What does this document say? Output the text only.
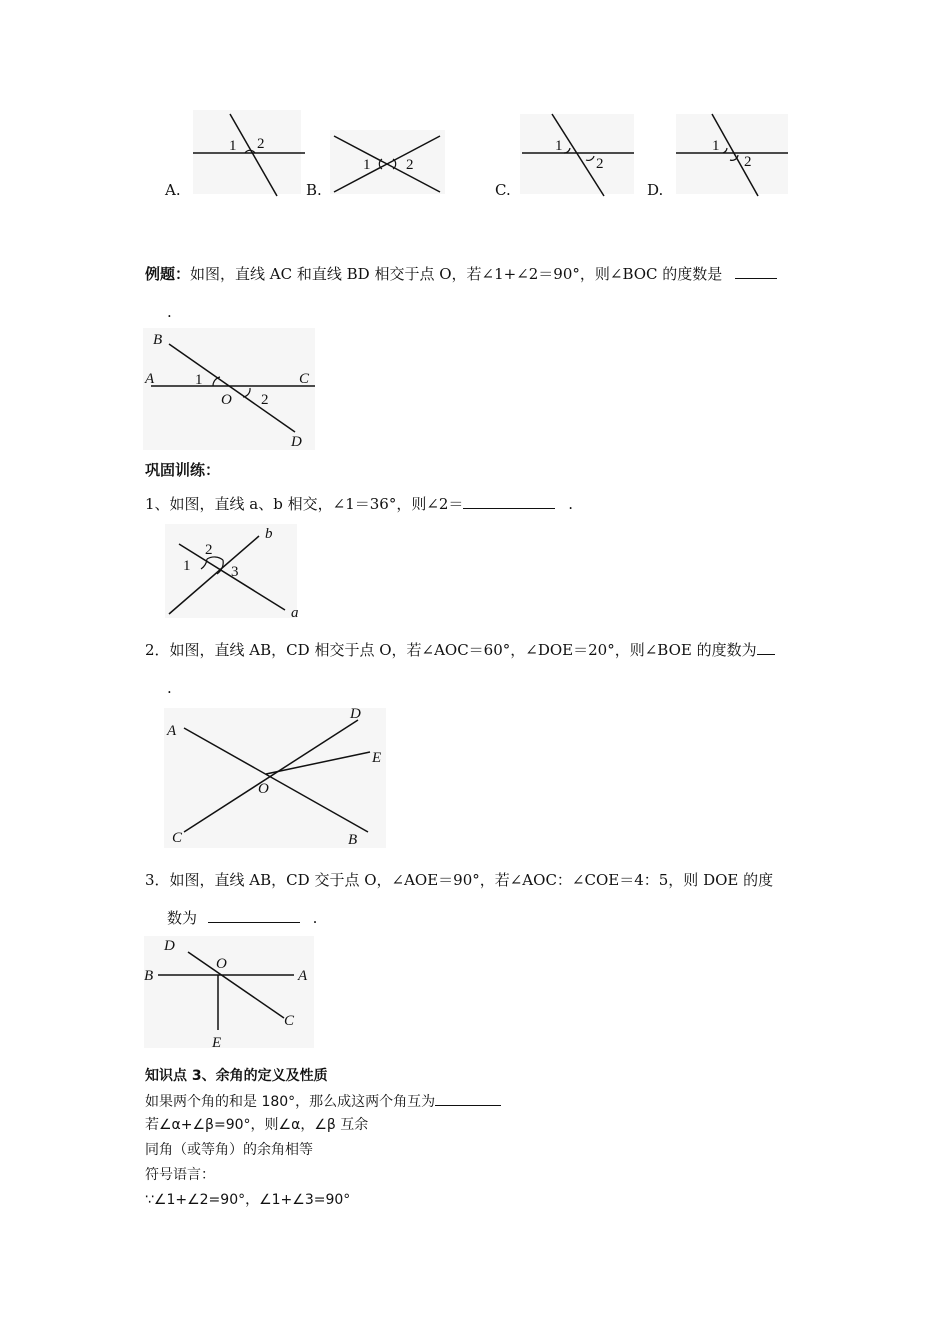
1 2
A.
1 2
B.
1
2
C.
1
2
D.
例题：如图，直线 AC 和直线 BD 相交于点 O，若∠1+∠2＝90°，则∠BOC 的度数是
.
B
A	C
O
D
1
2
巩固训练：
1、如图，直线 a、b 相交，∠1＝36°，则∠2＝	.
b
a
1
2
3
2．如图，直线 AB，CD 相交于点 O，若∠AOC＝60°，∠DOE＝20°，则∠BOE 的度数为
.
A
D
E
O
C	B
3．如图，直线 AB，CD 交于点 O，∠AOE＝90°，若∠AOC：∠COE＝4：5，则 DOE 的度
数为	.
D
O
B	A
C
E
知识点 3、余角的定义及性质
如果两个角的和是 180°，那么成这两个角互为
若∠α+∠β=90°，则∠α，∠β 互余
同角（或等角）的余角相等
符号语言：
∵∠1+∠2=90°，∠1+∠3=90°
